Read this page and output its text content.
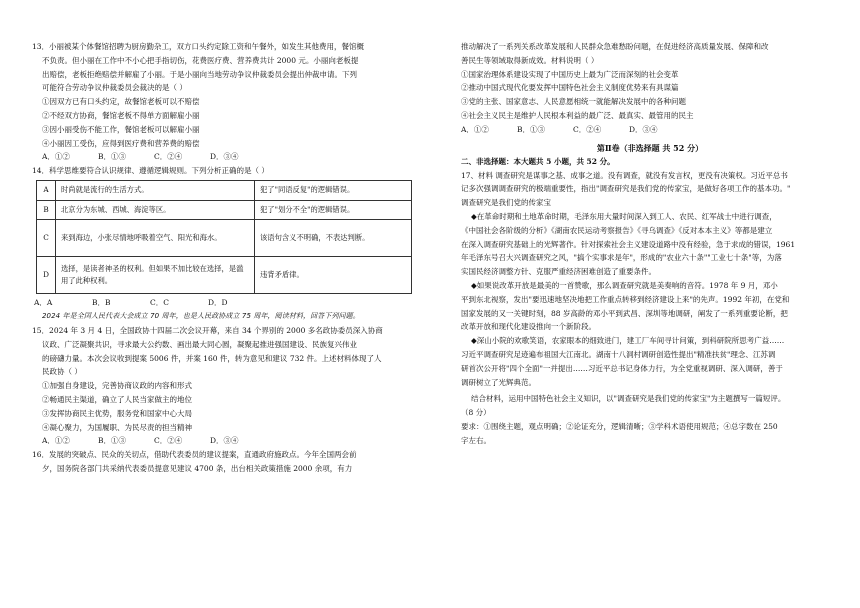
13．小丽被某个体餐馆招聘为厨房勤杂工，双方口头约定除工资和午餐外，如发生其他费用，餐馆概

不负责。但小丽在工作中不小心把手指切伤，花费医疗费、营养费共计 2000 元。小丽向老板提

出赔偿，老板拒绝赔偿并解雇了小丽。于是小丽向当地劳动争议仲裁委员会提出仲裁申请。下列

可能符合劳动争议仲裁委员会裁决的是（ ）

①因双方已有口头约定，故餐馆老板可以不赔偿

②不经双方协商，餐馆老板不得单方面解雇小丽

③因小丽受伤不能工作，餐馆老板可以解雇小丽

④小丽因工受伤，应得到医疗费和营养费的赔偿

A．①②	B．①③	C．②④	D．③④

14．科学思维要符合认识规律、遵循逻辑规则。下列分析正确的是（ ）

A	时尚就是流行的生活方式。	犯了"同语反复"的逻辑错误。
B	北京分为东城、西城、海淀等区。	犯了"划分不全"的逻辑错误。
C	来到海边，小张尽情地呼吸着空气、阳光和海水。	该语句含义不明确，不表达判断。
D	选择，是读者神圣的权利。但如果不加比较在选择，是滥用了此种权利。	违背矛盾律。
A．A	B．B	C．C	D．D

2024 年是全国人民代表大会成立 70 周年，也是人民政协成立 75 周年，阅读材料，回答下列问题。

15．2024 年 3 月 4 日，全国政协十四届二次会议开幕，来自 34 个界别的 2000 多名政协委员深入协商

议政、广泛凝聚共识，寻求最大公约数、画出最大同心圆，凝聚起推进强国建设、民族复兴伟业

的磅礴力量。本次会议收到提案 5006 件，并案 160 件，转为意见和建议 732 件。上述材料体现了人

民政协（ ）

①加强自身建设，完善协商议政的内容和形式

②畅通民主渠道，确立了人民当家做主的地位

③发挥协商民主优势，服务党和国家中心大局

④凝心聚力，为国履职、为民尽责的担当精神

A．①②	B．①③	C．②④	D．③④

16．发展的突破点、民众的关切点，借助代表委员的建议提案，直通政府施政点。今年全国两会前

夕，国务院各部门共采纳代表委员提意见建议 4700 条，出台相关政策措施 2000 余项，有力

推动解决了一系列关系改革发展和人民群众急难愁盼问题，在促进经济高质量发展、保障和改

善民生等领域取得新成效。材料说明（ ）

①国家治理体系建设实现了中国历史上最为广泛而深刻的社会变革

②推动中国式现代化要发挥中国特色社会主义制度优势来有具谋篇

③党的主张、国家意志、人民意愿相统一就能解决发展中的各种问题

④社会主义民主是维护人民根本利益的最广泛、最真实、最管用的民主

A．①②	B．①③	C．②④	D．③④

第Ⅱ卷（非选择题 共 52 分）

二、非选择题：本大题共 5 小题，共 52 分。

17、材料 调查研究是谋事之基、成事之道。没有调查，就没有发言权，更没有决策权。习近平总书

记多次强调调查研究的极端重要性，指出"调查研究是我们党的传家宝，是做好各项工作的基本功。"

调查研究是我们党的传家宝

◆在革命时期和土地革命时期，毛泽东用大量时间深入到工人、农民、红军战士中进行调查，

《中国社会各阶级的分析》《湖南农民运动考察报告》《寻乌调查》《反对本本主义》等都是建立

在深入调查研究基础上的光辉著作。针对探索社会主义建设道路中没有经验，急于求成的错误，1961

年毛泽东号召大兴调查研究之风，"搞个实事求是年"，形成的"农业六十条""工业七十条"等，为落

实国民经济调整方针、克服严重经济困难创造了重要条件。

◆如果说改革开放是最美的一首赞歌，那么调查研究就是美奏响的音符。1978 年 9 月，邓小

平到东北视察，发出"要迅速地坚决地把工作重点转移到经济建设上来"的先声。1992 年初，在党和

国家发展的又一关键时刻，88 岁高龄的邓小平到武昌、深圳等地调研，阐发了一系列重要论断，把

改革开放和现代化建设推向一个新阶段。

◆深山小院的欢歌笑语，农家眼本的细致进门，建工厂车间寻计问策，到科研院所思考广益……

习近平调查研究足迹遍布祖国大江南北。湖南十八洞村调研创造性提出"精准扶贫"理念、江苏调

研首次公开将"四个全面"一并提出……习近平总书记身体力行，为全党重视调研、深入调研，善于

调研树立了光辉典范。

结合材料，运用中国特色社会主义知识，以"调查研究是我们党的传家宝"为主题撰写一篇短评。

（8 分）

要求：①围绕主题，观点明确；②论证充分，逻辑清晰；③学科术语使用规范；④总字数在 250

字左右。
